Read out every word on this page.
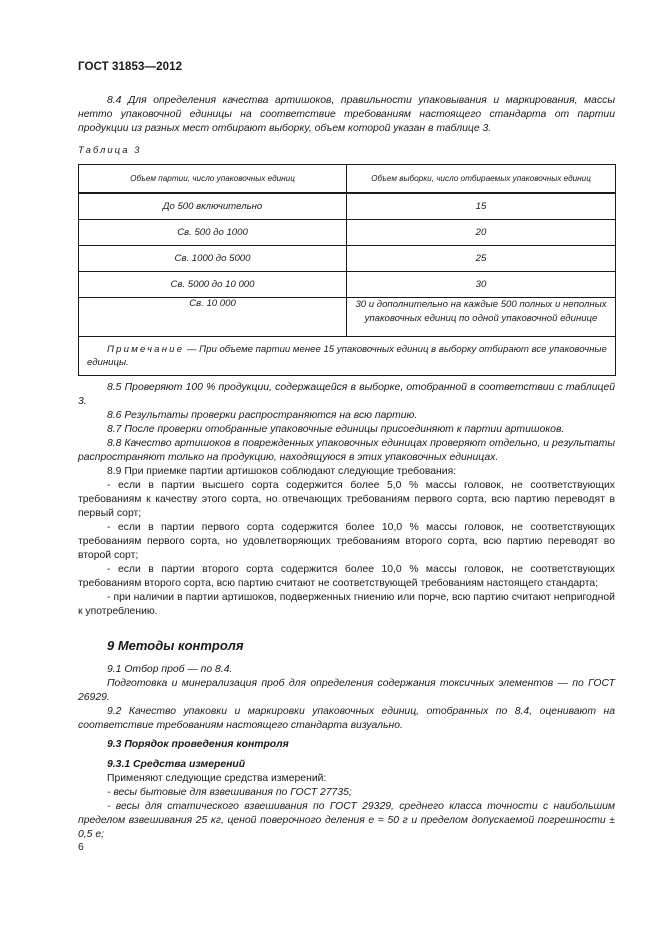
ГОСТ 31853—2012

8.4 Для определения качества артишоков, правильности упаковывания и маркирования, массы нетто упаковочной единицы на соответствие требованиям настоящего стандарта от партии продукции из разных мест отбирают выборку, объем которой указан в таблице 3.

Таблица 3
Объем партии, число упаковочных единиц	Объем выборки, число отбираемых упаковочных единиц
До 500 включительно	15
Св. 500 до 1000	20
Св. 1000 до 5000	25
Св. 5000 до 10 000	30
Св. 10 000	30 и дополнительно на каждые 500 полных и неполных упаковочных единиц по одной упаковочной единице
Примечание — При объеме партии менее 15 упаковочных единиц в выборку отбирают все упаковочные единицы.	

8.5 Проверяют 100 % продукции, содержащейся в выборке, отобранной в соответствии с таблицей 3.

8.6 Результаты проверки распространяются на всю партию.

8.7 После проверки отобранные упаковочные единицы присоединяют к партии артишоков.

8.8 Качество артишоков в поврежденных упаковочных единицах проверяют отдельно, и результаты распространяют только на продукцию, находящуюся в этих упаковочных единицах.

8.9 При приемке партии артишоков соблюдают следующие требования:

- если в партии высшего сорта содержится более 5,0 % массы головок, не соответствующих требованиям к качеству этого сорта, но отвечающих требованиям первого сорта, всю партию переводят в первый сорт;

- если в партии первого сорта содержится более 10,0 % массы головок, не соответствующих требованиям первого сорта, но удовлетворяющих требованиям второго сорта, всю партию переводят во второй сорт;

- если в партии второго сорта содержится более 10,0 % массы головок, не соответствующих требованиям второго сорта, всю партию считают не соответствующей требованиям настоящего стандарта;

- при наличии в партии артишоков, подверженных гниению или порче, всю партию считают непригодной к употреблению.

9 Методы контроля

9.1 Отбор проб — по 8.4.

Подготовка и минерализация проб для определения содержания токсичных элементов — по ГОСТ 26929.

9.2 Качество упаковки и маркировки упаковочных единиц, отобранных по 8.4, оценивают на соответствие требованиям настоящего стандарта визуально.

9.3 Порядок проведения контроля

9.3.1 Средства измерений

Применяют следующие средства измерений:

- весы бытовые для взвешивания по ГОСТ 27735;

- весы для статического взвешивания по ГОСТ 29329, среднего класса точности с наибольшим пределом взвешивания 25 кг, ценой поверочного деления е = 50 г и пределом допускаемой погрешности ± 0,5 е;

6
